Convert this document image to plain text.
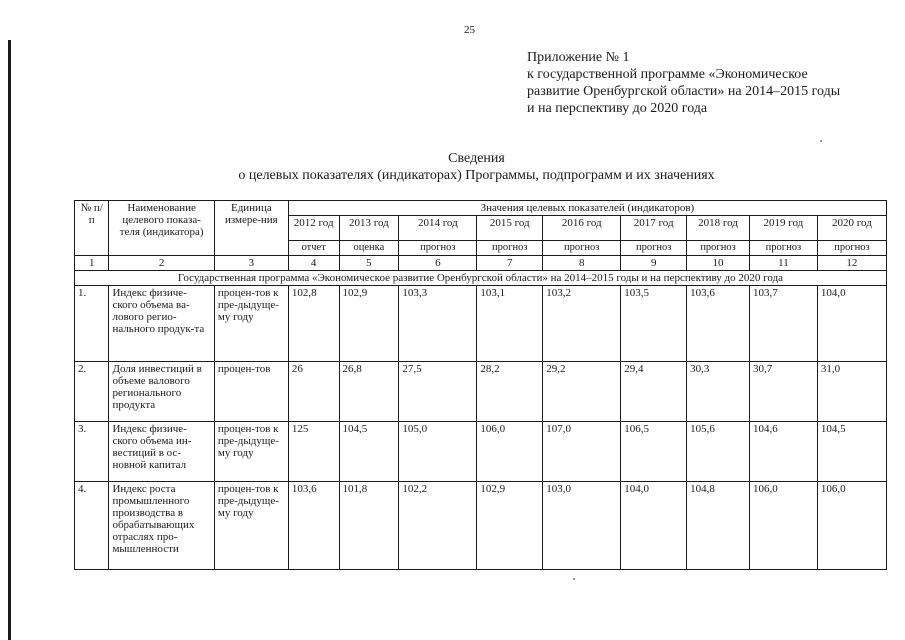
25
Приложение № 1
к государственной программе «Экономическое
развитие Оренбургской области» на 2014–2015 годы
и на перспективу до 2020 года
Сведения
о целевых показателях (индикаторах) Программы, подпрограмм и их значениях
№ п/п	Наименование целевого показа-теля (индикатора)	Единица измере-ния	Значения целевых показателей (индикаторов)								
			2012 год	2013 год	2014 год	2015 год	2016 год	2017 год	2018 год	2019 год	2020 год
			отчет	оценка	прогноз	прогноз	прогноз	прогноз	прогноз	прогноз	прогноз
1	2	3	4	5	6	7	8	9	10	11	12
Государственная программа «Экономическое развитие Оренбургской области» на 2014–2015 годы и на перспективу до 2020 года											
1.	Индекс физиче-ского объема ва-лового регио-нального продук-та	процен-тов к пре-дыдуще-му году	102,8	102,9	103,3	103,1	103,2	103,5	103,6	103,7	104,0
2.	Доля инвестиций в объеме валового регионального продукта	процен-тов	26	26,8	27,5	28,2	29,2	29,4	30,3	30,7	31,0
3.	Индекс физиче-ского объема ин-вестиций в ос-новной капитал	процен-тов к пре-дыдуще-му году	125	104,5	105,0	106,0	107,0	106,5	105,6	104,6	104,5
4.	Индекс роста промышленного производства в обрабатывающих отраслях про-мышленности	процен-тов к пре-дыдуще-му году	103,6	101,8	102,2	102,9	103,0	104,0	104,8	106,0	106,0
